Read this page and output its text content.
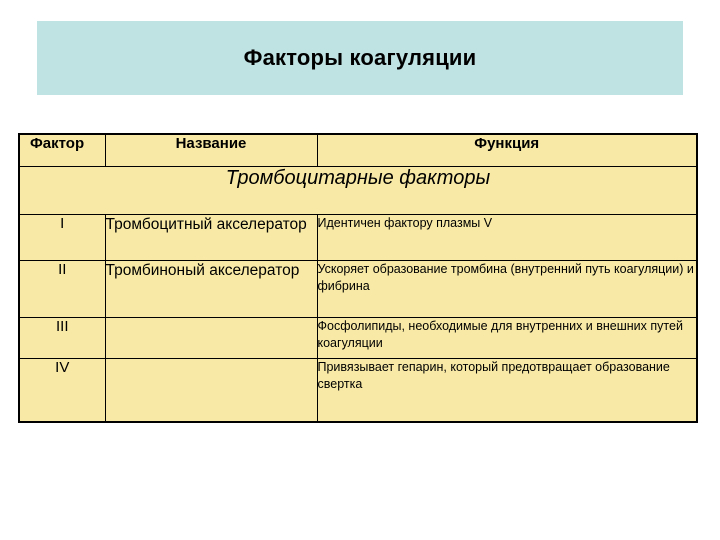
Факторы коагуляции
Фактор	Название	Функция
Тромбоцитарные факторы		
I	Тромбоцитный акселератор	Идентичен фактору плазмы V
II	Тромбиноный акселератор	Ускоряет образование тромбина (внутренний путь коагуляции) и фибрина
III		Фосфолипиды, необходимые для внутренних и внешних путей коагуляции
IV		Привязывает гепарин, который предотвращает образование свертка
